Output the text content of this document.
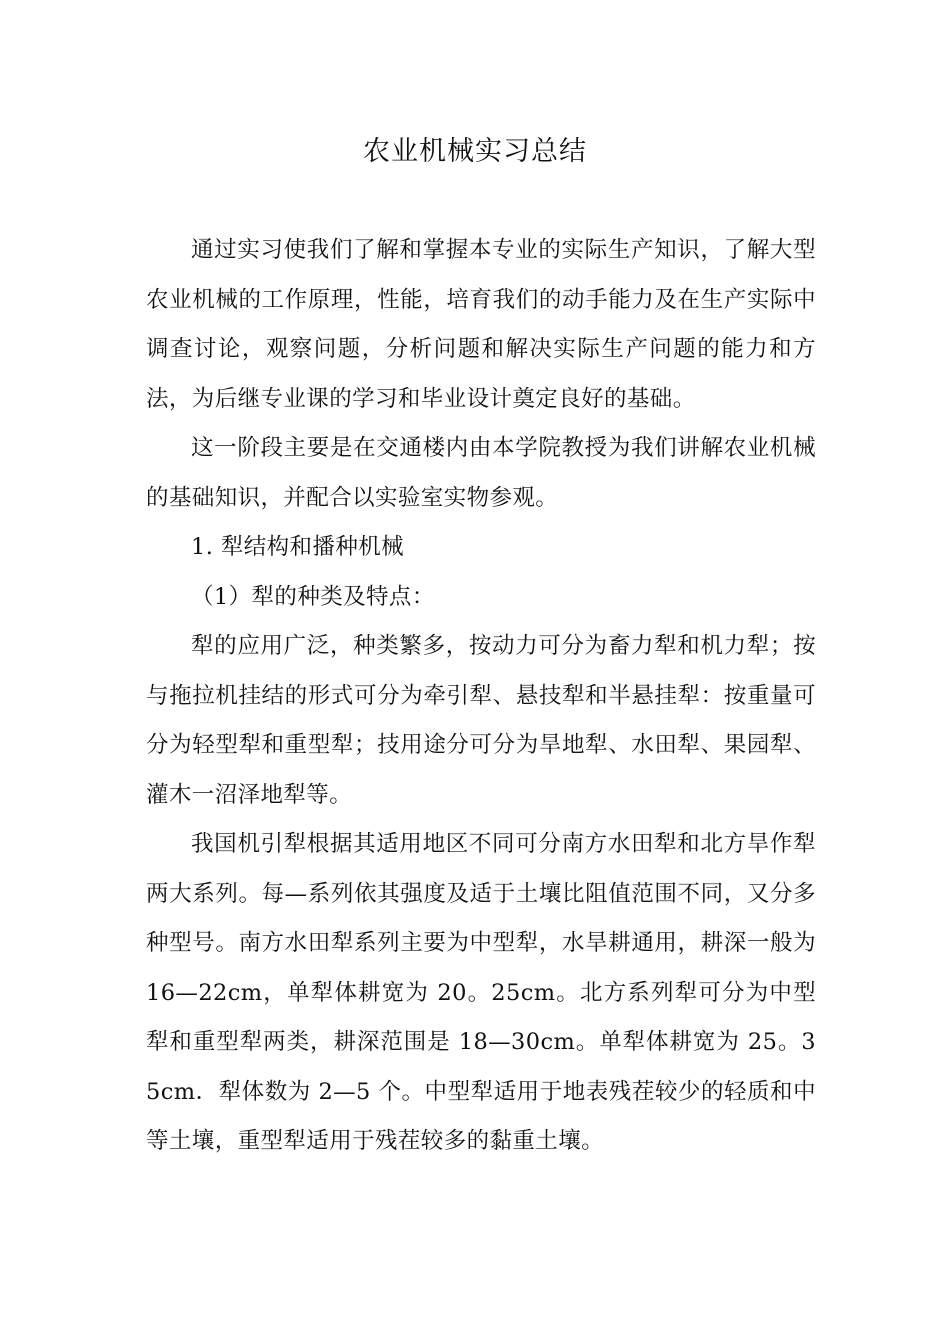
农业机械实习总结

通过实习使我们了解和掌握本专业的实际生产知识，了解大型农业机械的工作原理，性能，培育我们的动手能力及在生产实际中调查讨论，观察问题，分析问题和解决实际生产问题的能力和方法，为后继专业课的学习和毕业设计奠定良好的基础。

这一阶段主要是在交通楼内由本学院教授为我们讲解农业机械的基础知识，并配合以实验室实物参观。

1. 犁结构和播种机械

（1）犁的种类及特点：

犁的应用广泛，种类繁多，按动力可分为畜力犁和机力犁；按与拖拉机挂结的形式可分为牵引犁、悬技犁和半悬挂犁：按重量可分为轻型犁和重型犁；技用途分可分为旱地犁、水田犁、果园犁、灌木一沼泽地犁等。

我国机引犁根据其适用地区不同可分南方水田犁和北方旱作犁两大系列。每—系列依其强度及适于土壤比阻值范围不同，又分多种型号。南方水田犁系列主要为中型犁，水旱耕通用，耕深一般为 16—22cm，单犁体耕宽为 20。25cm。北方系列犁可分为中型犁和重型犁两类，耕深范围是 18—30cm。单犁体耕宽为 25。35cm．犁体数为 2—5 个。中型犁适用于地表残茬较少的轻质和中等土壤，重型犁适用于残茬较多的黏重土壤。
